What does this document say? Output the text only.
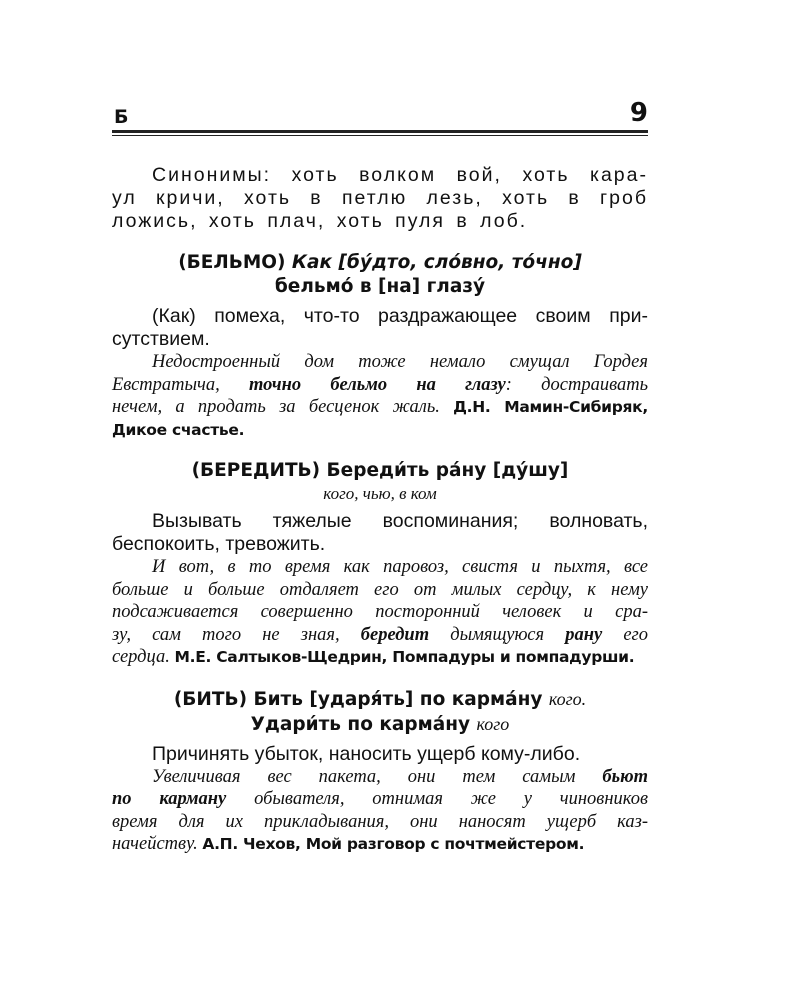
Б	9

Синонимы: хоть волком вой, хоть кара-
ул кричи, хоть в петлю лезь, хоть в гроб
ложись, хоть плач, хоть пуля в лоб.

(БЕЛЬМО) Как [бу́дто, сло́вно, то́чно]

бельмо́ в [на] глазу́

(Как) помеха, что-то раздражающее своим при-
сутствием.

Недостроенный дом тоже немало смущал Гордея
Евстратыча, точно бельмо на глазу: достраивать
нечем, а продать за бесценок жаль. Д.Н. Мамин-Сибиряк,
Дикое счастье.

(БЕРЕДИТЬ) Береди́ть ра́ну [ду́шу]

кого, чью, в ком

Вызывать тяжелые воспоминания; волновать,
беспокоить, тревожить.

И вот, в то время как паровоз, свистя и пыхтя, все
больше и больше отдаляет его от милых сердцу, к нему
подсаживается совершенно посторонний человек и сра-
зу, сам того не зная, бередит дымящуюся рану его
сердца. М.Е. Салтыков-Щедрин, Помпадуры и помпадурши.

(БИТЬ) Бить [ударя́ть] по карма́ну кого.

Удари́ть по карма́ну кого

Причинять убыток, наносить ущерб кому-либо.

Увеличивая вес пакета, они тем самым бьют
по карману обывателя, отнимая же у чиновников
время для их прикладывания, они наносят ущерб каз-
начейству. А.П. Чехов, Мой разговор с почтмейстером.
